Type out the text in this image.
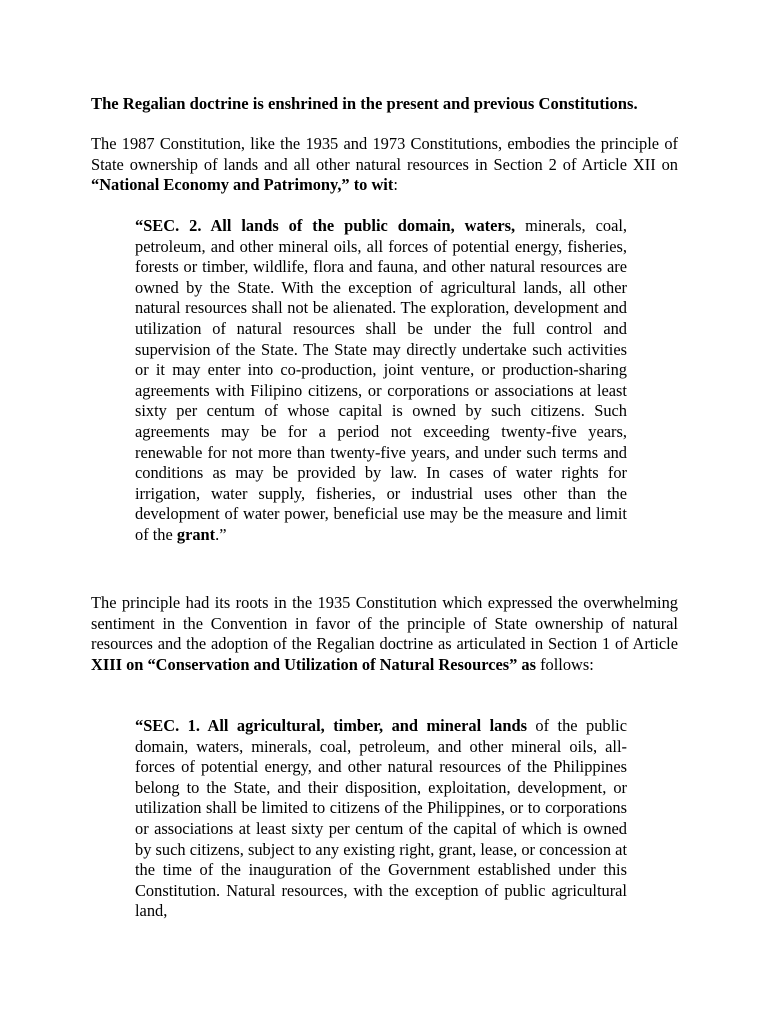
The Regalian doctrine is enshrined in the present and previous Constitutions.
The 1987 Constitution, like the 1935 and 1973 Constitutions, embodies the principle of State ownership of lands and all other natural resources in Section 2 of Article XII on “National Economy and Patrimony,” to wit:
“SEC. 2. All lands of the public domain, waters, minerals, coal, petroleum, and other mineral oils, all forces of potential energy, fisheries, forests or timber, wildlife, flora and fauna, and other natural resources are owned by the State. With the exception of agricultural lands, all other natural resources shall not be alienated. The exploration, development and utilization of natural resources shall be under the full control and supervision of the State. The State may directly undertake such activities or it may enter into co-production, joint venture, or production-sharing agreements with Filipino citizens, or corporations or associations at least sixty per centum of whose capital is owned by such citizens. Such agreements may be for a period not exceeding twenty-five years, renewable for not more than twenty-five years, and under such terms and conditions as may be provided by law. In cases of water rights for irrigation, water supply, fisheries, or industrial uses other than the development of water power, beneficial use may be the measure and limit of the grant.”
The principle had its roots in the 1935 Constitution which expressed the overwhelming sentiment in the Convention in favor of the principle of State ownership of natural resources and the adoption of the Regalian doctrine as articulated in Section 1 of Article XIII on “Conservation and Utilization of Natural Resources” as follows:
“SEC. 1. All agricultural, timber, and mineral lands of the public domain, waters, minerals, coal, petroleum, and other mineral oils, all-forces of potential energy, and other natural resources of the Philippines belong to the State, and their disposition, exploitation, development, or utilization shall be limited to citizens of the Philippines, or to corporations or associations at least sixty per centum of the capital of which is owned by such citizens, subject to any existing right, grant, lease, or concession at the time of the inauguration of the Government established under this Constitution. Natural resources, with the exception of public agricultural land,
